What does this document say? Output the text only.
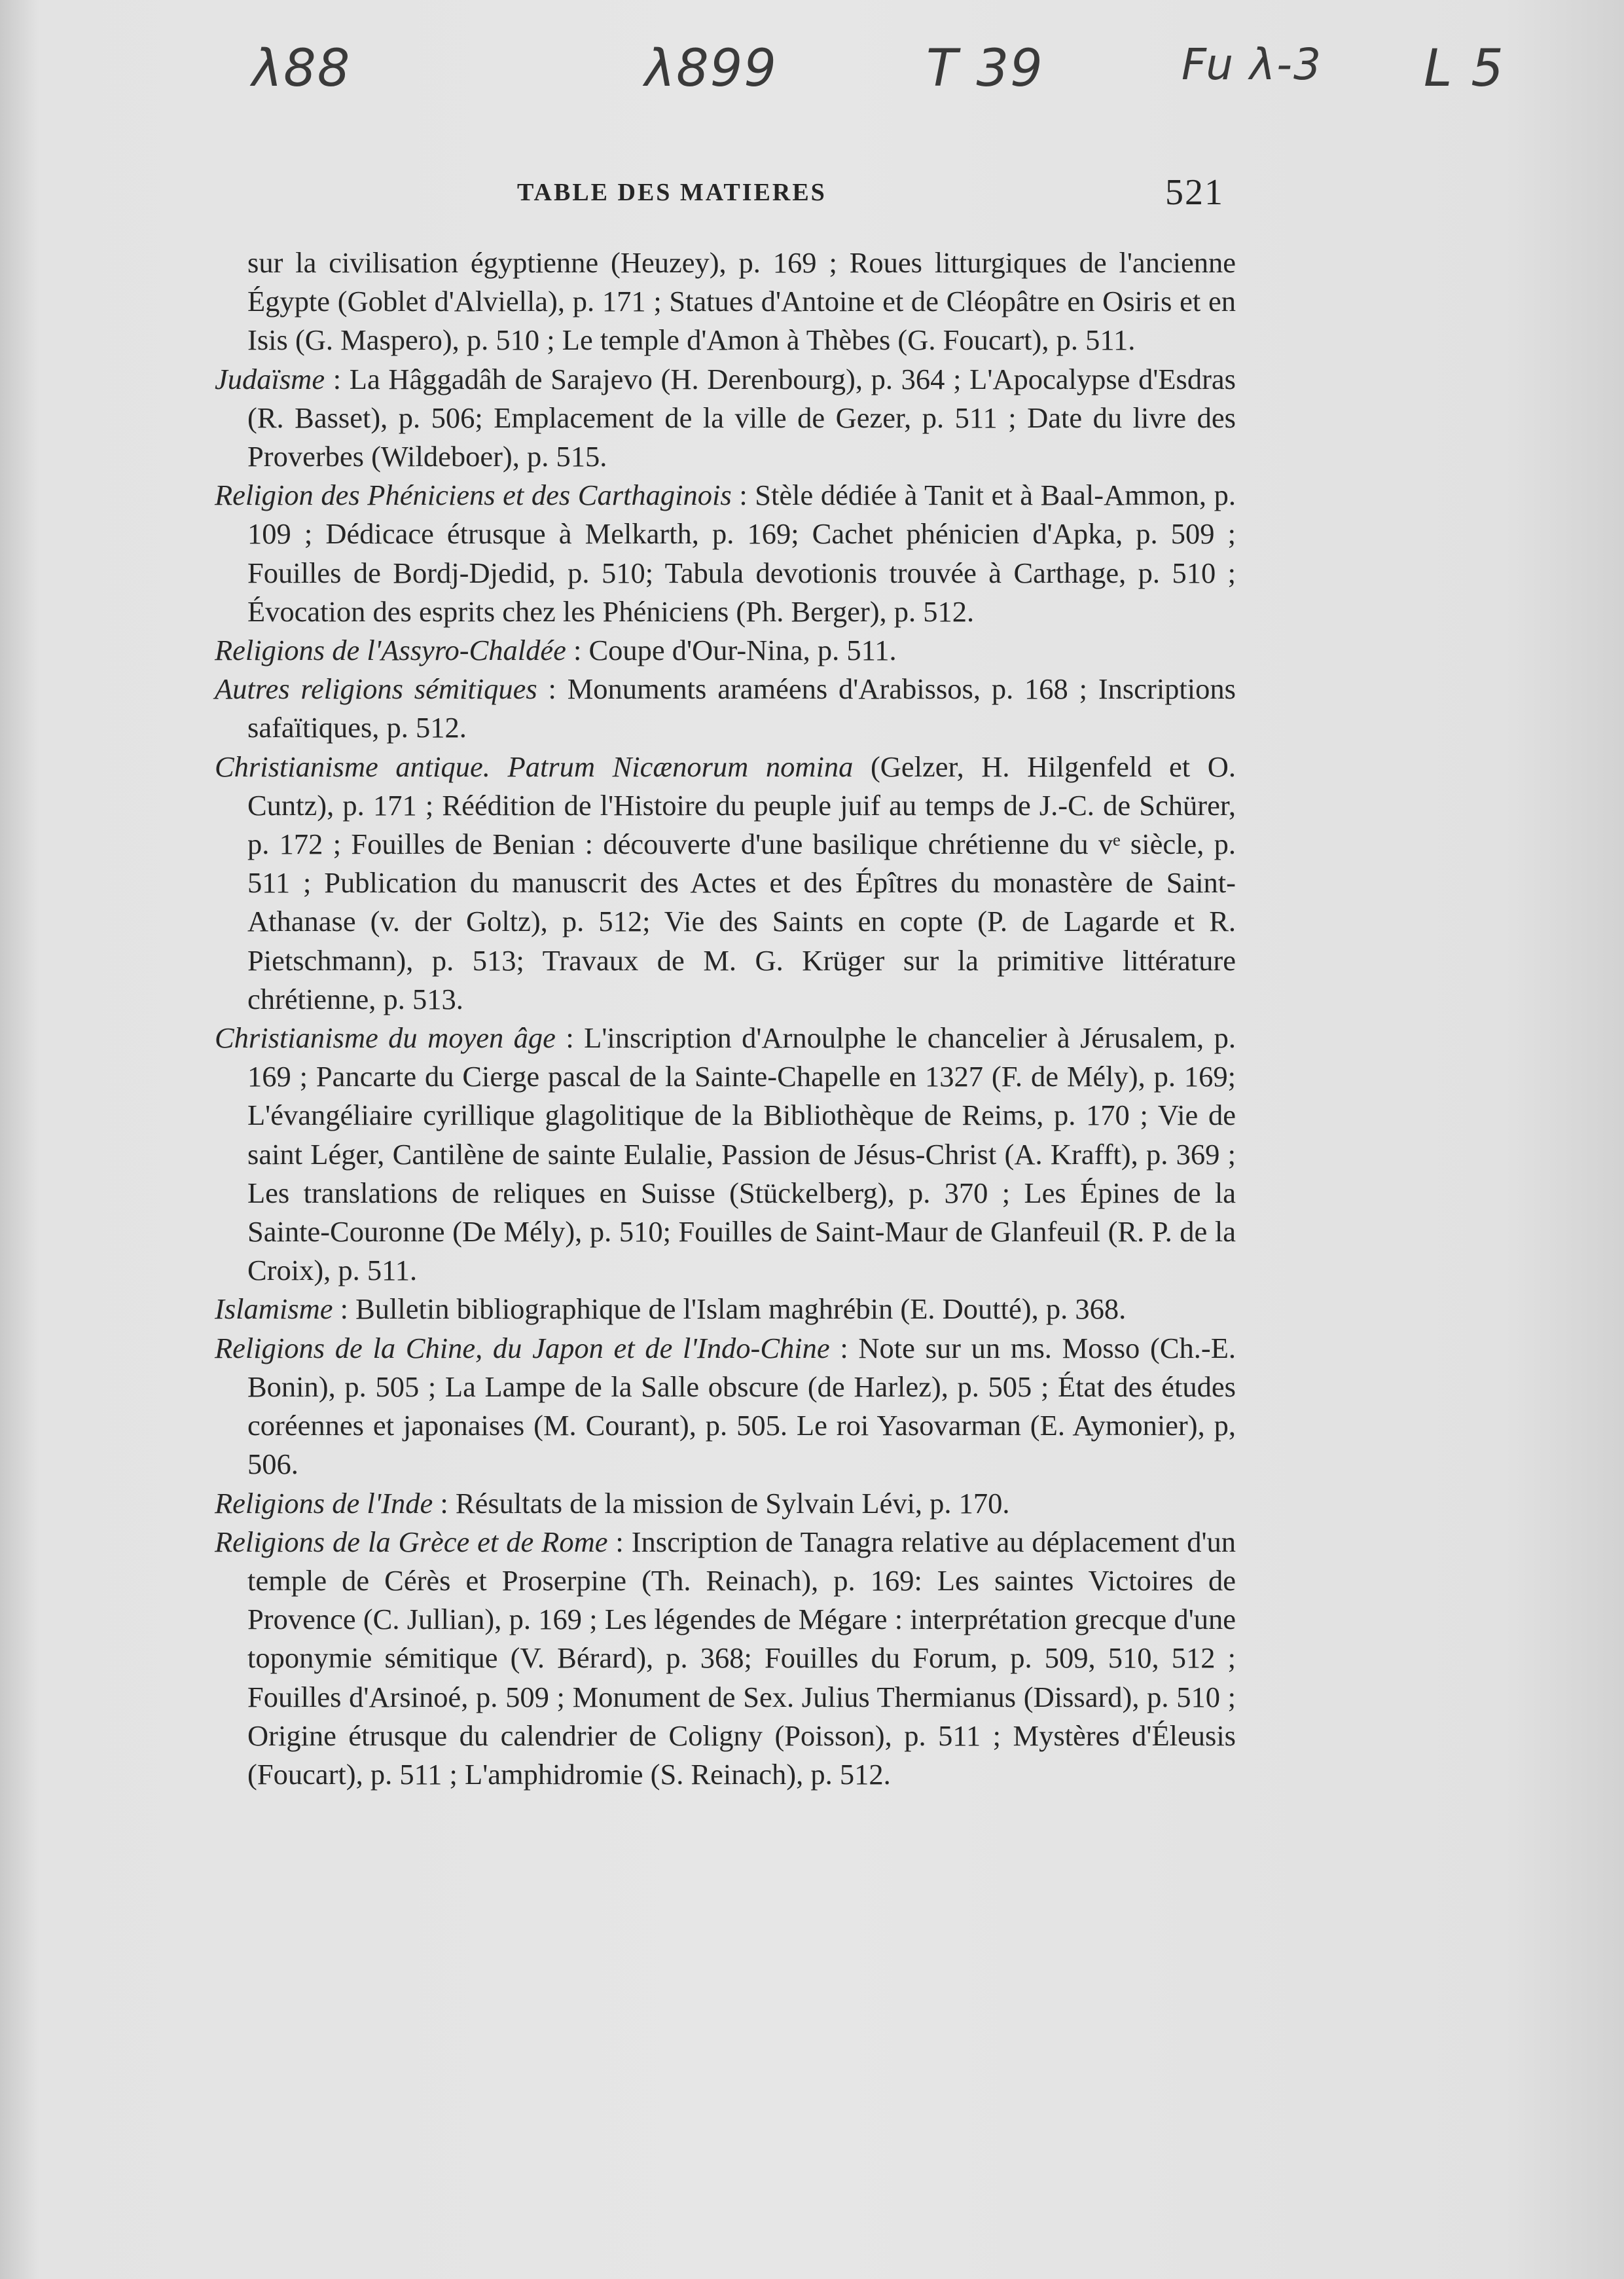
λ88	λ899	T 39	Fu λ-3 L 5
TABLE DES MATIERES	521

sur la civilisation égyptienne (Heuzey), p. 169 ; Roues litturgiques de l'ancienne Égypte (Goblet d'Alviella), p. 171 ; Statues d'Antoine et de Cléopâtre en Osiris et en Isis (G. Maspero), p. 510 ; Le temple d'Amon à Thèbes (G. Foucart), p. 511.

Judaïsme : La Hâggadâh de Sarajevo (H. Derenbourg), p. 364 ; L'Apocalypse d'Esdras (R. Basset), p. 506; Emplacement de la ville de Gezer, p. 511 ; Date du livre des Proverbes (Wildeboer), p. 515.

Religion des Phéniciens et des Carthaginois : Stèle dédiée à Tanit et à Baal-Ammon, p. 109 ; Dédicace étrusque à Melkarth, p. 169; Cachet phénicien d'Apka, p. 509 ; Fouilles de Bordj-Djedid, p. 510; Tabula devotionis trouvée à Carthage, p. 510 ; Évocation des esprits chez les Phéniciens (Ph. Berger), p. 512.

Religions de l'Assyro-Chaldée : Coupe d'Our-Nina, p. 511.

Autres religions sémitiques : Monuments araméens d'Arabissos, p. 168 ; Inscriptions safaïtiques, p. 512.

Christianisme antique. Patrum Nicænorum nomina (Gelzer, H. Hilgenfeld et O. Cuntz), p. 171 ; Réédition de l'Histoire du peuple juif au temps de J.-C. de Schürer, p. 172 ; Fouilles de Benian : découverte d'une basilique chrétienne du vᵉ siècle, p. 511 ; Publication du manuscrit des Actes et des Épîtres du monastère de Saint-Athanase (v. der Goltz), p. 512; Vie des Saints en copte (P. de Lagarde et R. Pietschmann), p. 513; Travaux de M. G. Krüger sur la primitive littérature chrétienne, p. 513.

Christianisme du moyen âge : L'inscription d'Arnoulphe le chancelier à Jérusalem, p. 169 ; Pancarte du Cierge pascal de la Sainte-Chapelle en 1327 (F. de Mély), p. 169; L'évangéliaire cyrillique glagolitique de la Bibliothèque de Reims, p. 170 ; Vie de saint Léger, Cantilène de sainte Eulalie, Passion de Jésus-Christ (A. Krafft), p. 369 ; Les translations de reliques en Suisse (Stückelberg), p. 370 ; Les Épines de la Sainte-Couronne (De Mély), p. 510; Fouilles de Saint-Maur de Glanfeuil (R. P. de la Croix), p. 511.

Islamisme : Bulletin bibliographique de l'Islam maghrébin (E. Doutté), p. 368.

Religions de la Chine, du Japon et de l'Indo-Chine : Note sur un ms. Mosso (Ch.-E. Bonin), p. 505 ; La Lampe de la Salle obscure (de Harlez), p. 505 ; État des études coréennes et japonaises (M. Courant), p. 505. Le roi Yasovarman (E. Aymonier), p, 506.

Religions de l'Inde : Résultats de la mission de Sylvain Lévi, p. 170.

Religions de la Grèce et de Rome : Inscription de Tanagra relative au déplacement d'un temple de Cérès et Proserpine (Th. Reinach), p. 169: Les saintes Victoires de Provence (C. Jullian), p. 169 ; Les légendes de Mégare : interprétation grecque d'une toponymie sémitique (V. Bérard), p. 368; Fouilles du Forum, p. 509, 510, 512 ; Fouilles d'Arsinoé, p. 509 ; Monument de Sex. Julius Thermianus (Dissard), p. 510 ; Origine étrusque du calendrier de Coligny (Poisson), p. 511 ; Mystères d'Éleusis (Foucart), p. 511 ; L'amphidromie (S. Reinach), p. 512.
